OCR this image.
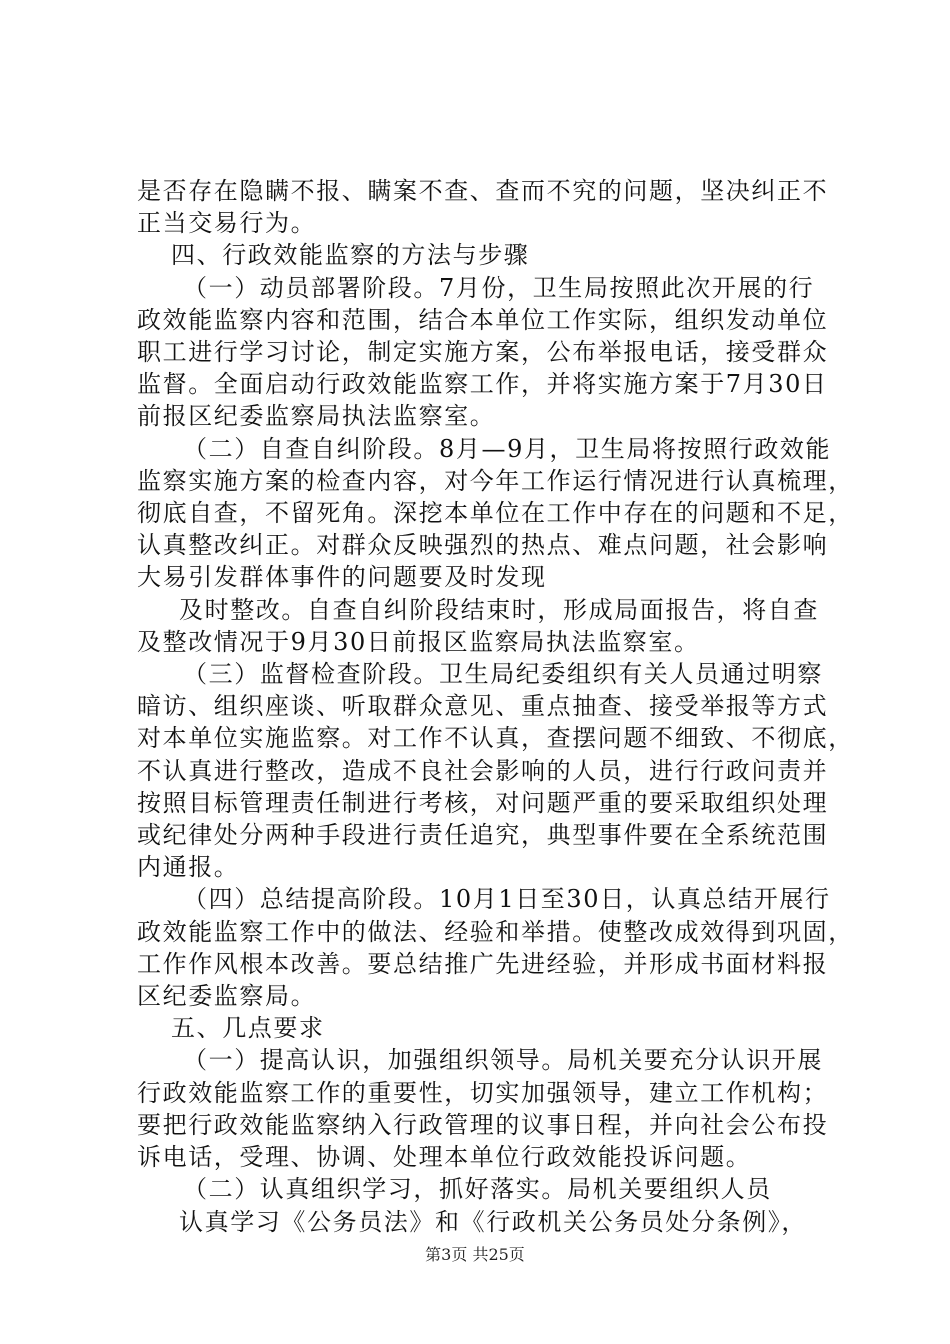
是否存在隐瞒不报、瞒案不查、查而不究的问题，坚决纠正不

正当交易行为。

四、行政效能监察的方法与步骤

（一）动员部署阶段。7月份，卫生局按照此次开展的行

政效能监察内容和范围，结合本单位工作实际，组织发动单位

职工进行学习讨论，制定实施方案，公布举报电话，接受群众

监督。全面启动行政效能监察工作，并将实施方案于7月30日

前报区纪委监察局执法监察室。

（二）自查自纠阶段。8月—9月，卫生局将按照行政效能

监察实施方案的检查内容，对今年工作运行情况进行认真梳理，

彻底自查，不留死角。深挖本单位在工作中存在的问题和不足，

认真整改纠正。对群众反映强烈的热点、难点问题，社会影响

大易引发群体事件的问题要及时发现

及时整改。自查自纠阶段结束时，形成局面报告，将自查

及整改情况于9月30日前报区监察局执法监察室。

（三）监督检查阶段。卫生局纪委组织有关人员通过明察

暗访、组织座谈、听取群众意见、重点抽查、接受举报等方式

对本单位实施监察。对工作不认真，查摆问题不细致、不彻底，

不认真进行整改，造成不良社会影响的人员，进行行政问责并

按照目标管理责任制进行考核，对问题严重的要采取组织处理

或纪律处分两种手段进行责任追究，典型事件要在全系统范围

内通报。

（四）总结提高阶段。10月1日至30日，认真总结开展行

政效能监察工作中的做法、经验和举措。使整改成效得到巩固，

工作作风根本改善。要总结推广先进经验，并形成书面材料报

区纪委监察局。

五、几点要求

（一）提高认识，加强组织领导。局机关要充分认识开展

行政效能监察工作的重要性，切实加强领导，建立工作机构；

要把行政效能监察纳入行政管理的议事日程，并向社会公布投

诉电话，受理、协调、处理本单位行政效能投诉问题。

（二）认真组织学习，抓好落实。局机关要组织人员

认真学习《公务员法》和《行政机关公务员处分条例》，

第3页 共25页
